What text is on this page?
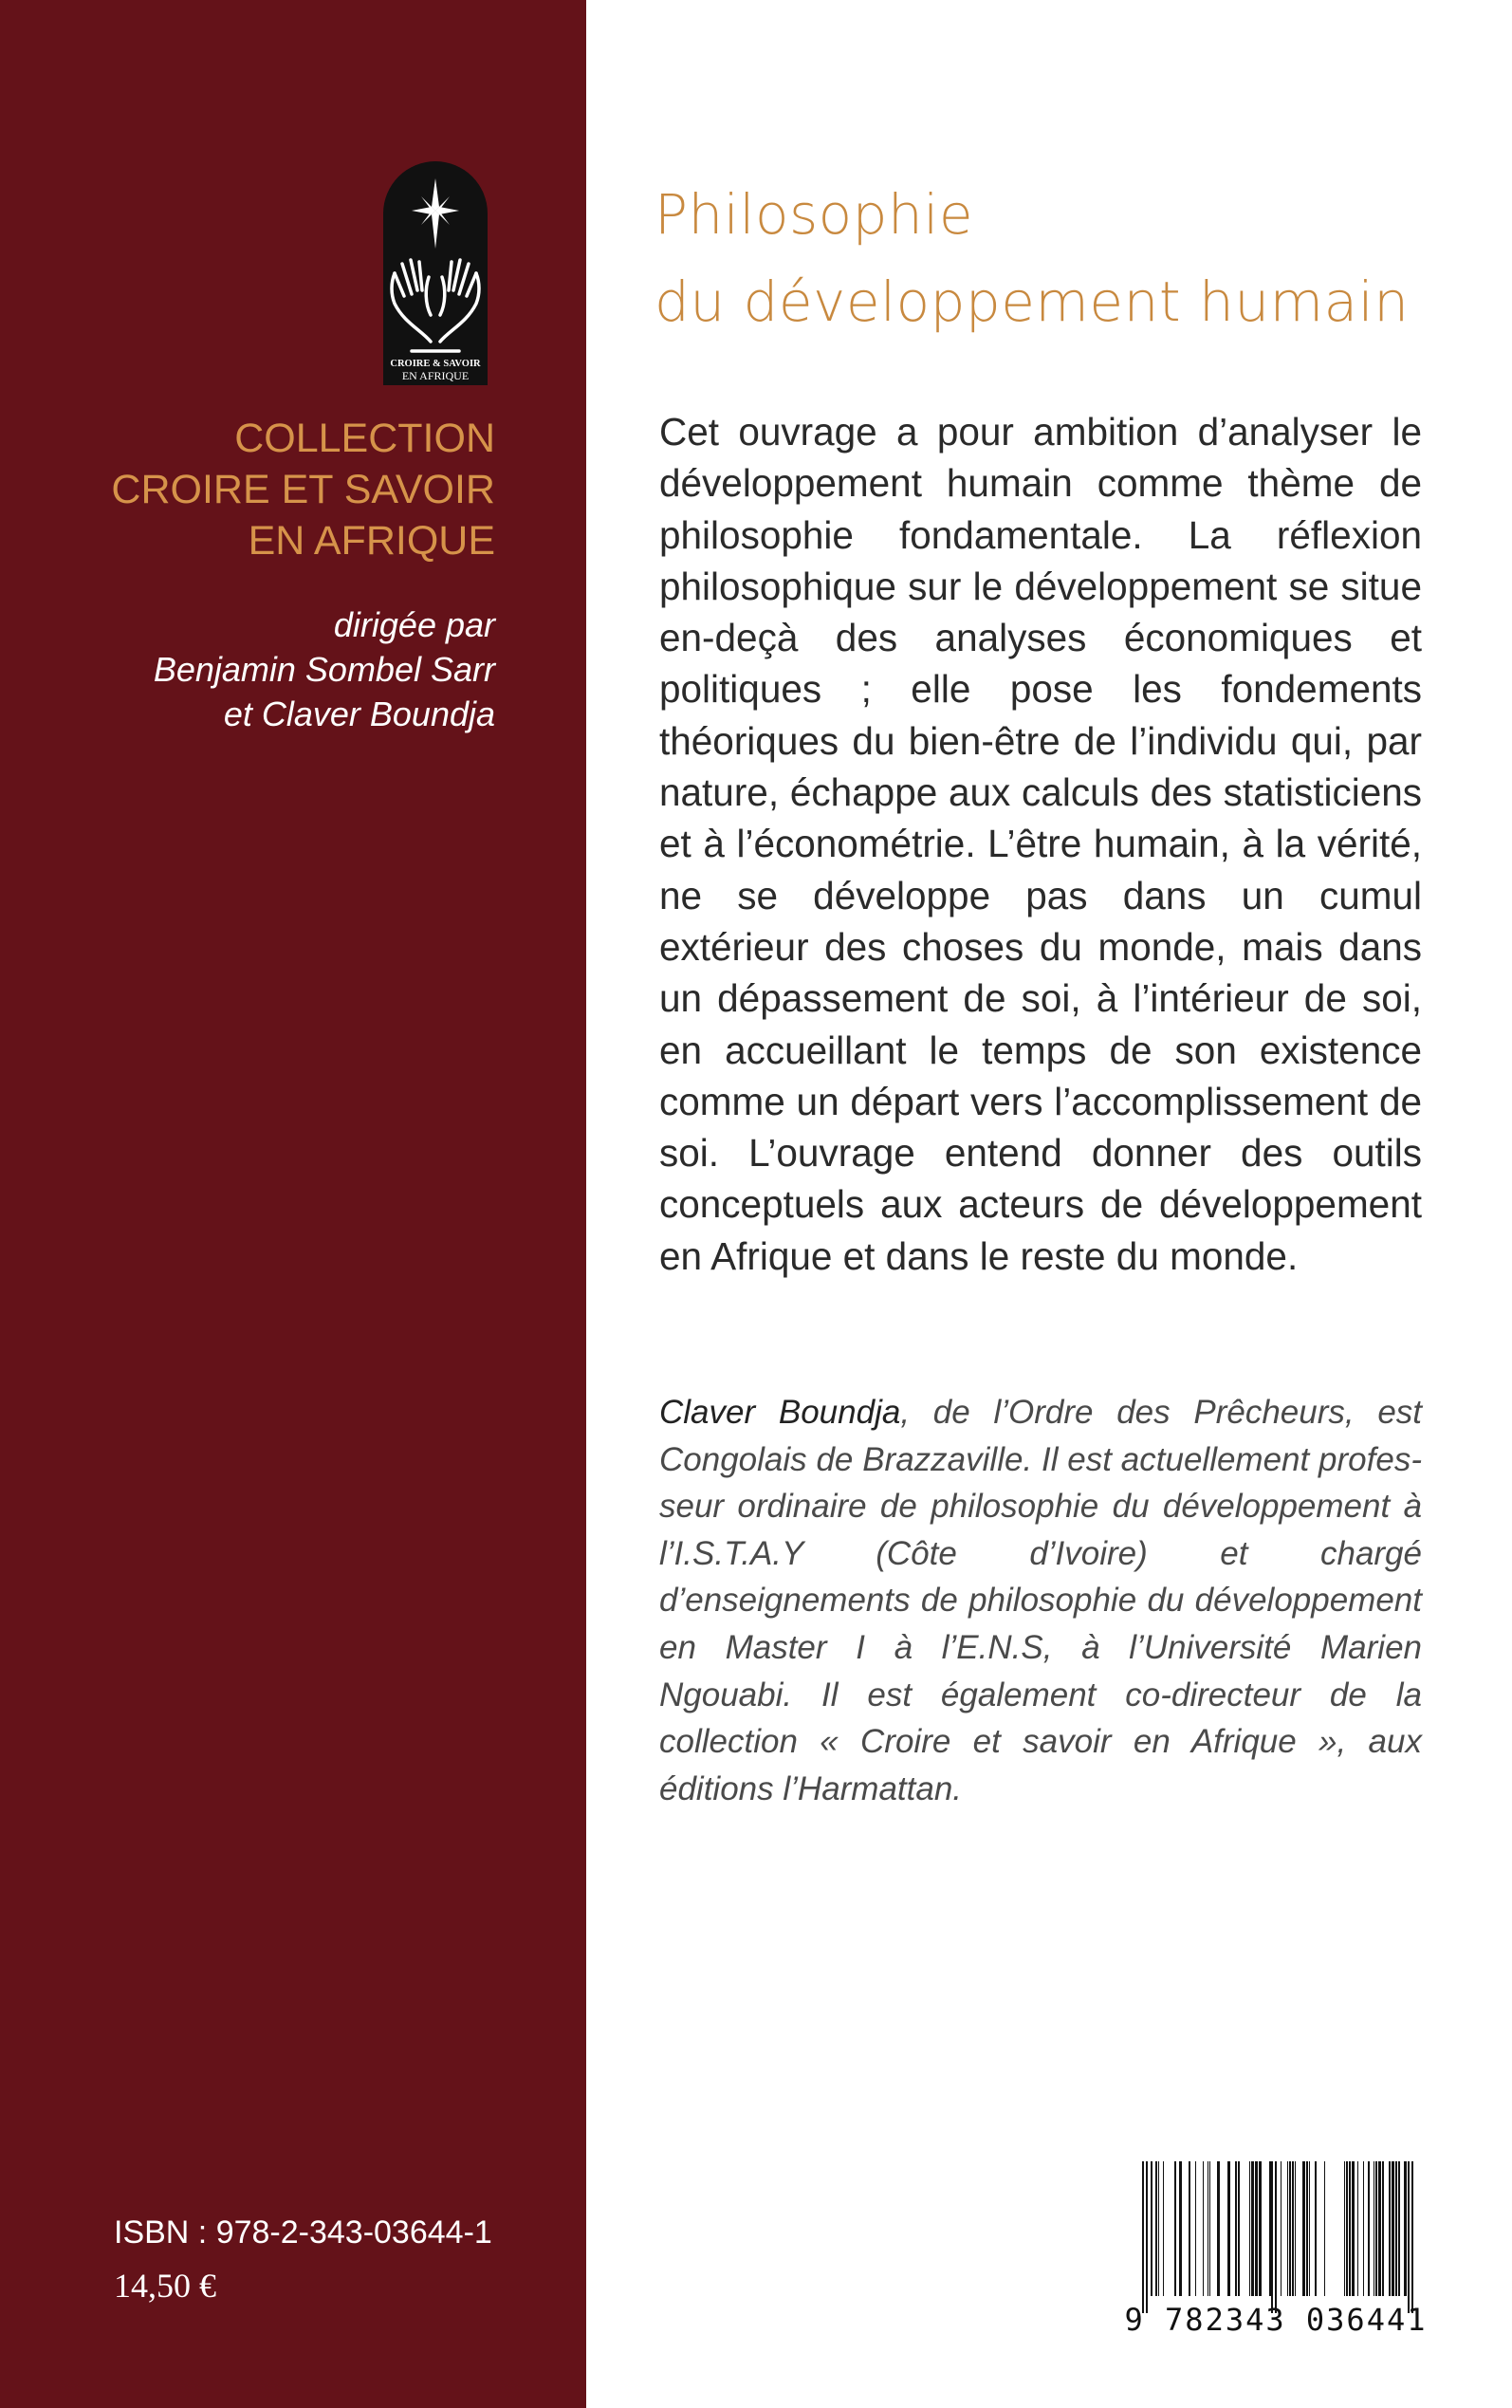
CROIRE & SAVOIR
EN AFRIQUE
COLLECTION
CROIRE ET SAVOIR
EN AFRIQUE
dirigée par
Benjamin Sombel Sarr
et Claver Boundja
ISBN : 978-2-343-03644-1
14,50 €
Philosophie
du développement humain

Cet ouvrage a pour ambition d’analyser le développement humain comme thème de philosophie fondamentale. La réflexion philosophique sur le développement se situe en-deçà des analyses économiques et politiques ; elle pose les fondements théoriques du bien-être de l’individu qui, par nature, échappe aux calculs des statisticiens et à l’économétrie. L’être humain, à la vérité, ne se développe pas dans un cumul extérieur des choses du monde, mais dans un dépassement de soi, à l’intérieur de soi, en accueillant le temps de son existence comme un départ vers l’accomplissement de soi. L’ouvrage entend donner des outils conceptuels aux acteurs de développement en Afrique et dans le reste du monde.

Claver Boundja, de l’Ordre des Prêcheurs, est Congolais de Brazzaville. Il est actuellement professeur ordinaire de philosophie du développement à l’I.S.T.A.Y (Côte d’Ivoire) et chargé d’enseignements de philosophie du développement en Master I à l’E.N.S, à l’Université Marien Ngouabi. Il est également co-directeur de la collection « Croire et savoir en Afrique », aux éditions l’Harmattan.

9 782343 036441
